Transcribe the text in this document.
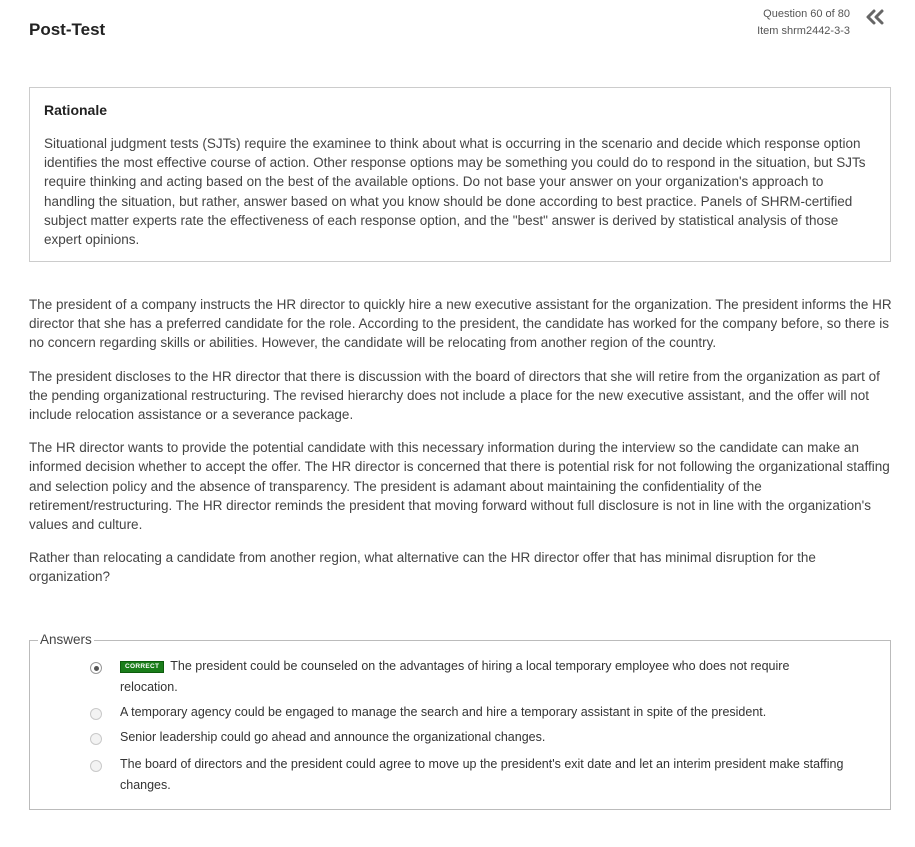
Post-Test
Question 60 of 80
Item shrm2442-3-3
Rationale

Situational judgment tests (SJTs) require the examinee to think about what is occurring in the scenario and decide which response option identifies the most effective course of action. Other response options may be something you could do to respond in the situation, but SJTs require thinking and acting based on the best of the available options. Do not base your answer on your organization's approach to handling the situation, but rather, answer based on what you know should be done according to best practice. Panels of SHRM-certified subject matter experts rate the effectiveness of each response option, and the "best" answer is derived by statistical analysis of those expert opinions.

The president of a company instructs the HR director to quickly hire a new executive assistant for the organization. The president informs the HR director that she has a preferred candidate for the role. According to the president, the candidate has worked for the company before, so there is no concern regarding skills or abilities. However, the candidate will be relocating from another region of the country.

The president discloses to the HR director that there is discussion with the board of directors that she will retire from the organization as part of the pending organizational restructuring. The revised hierarchy does not include a place for the new executive assistant, and the offer will not include relocation assistance or a severance package.

The HR director wants to provide the potential candidate with this necessary information during the interview so the candidate can make an informed decision whether to accept the offer. The HR director is concerned that there is potential risk for not following the organizational staffing and selection policy and the absence of transparency. The president is adamant about maintaining the confidentiality of the retirement/restructuring. The HR director reminds the president that moving forward without full disclosure is not in line with the organization's values and culture.

Rather than relocating a candidate from another region, what alternative can the HR director offer that has minimal disruption for the organization?

Answers
CORRECT The president could be counseled on the advantages of hiring a local temporary employee who does not require relocation.
A temporary agency could be engaged to manage the search and hire a temporary assistant in spite of the president.
Senior leadership could go ahead and announce the organizational changes.
The board of directors and the president could agree to move up the president's exit date and let an interim president make staffing changes.
